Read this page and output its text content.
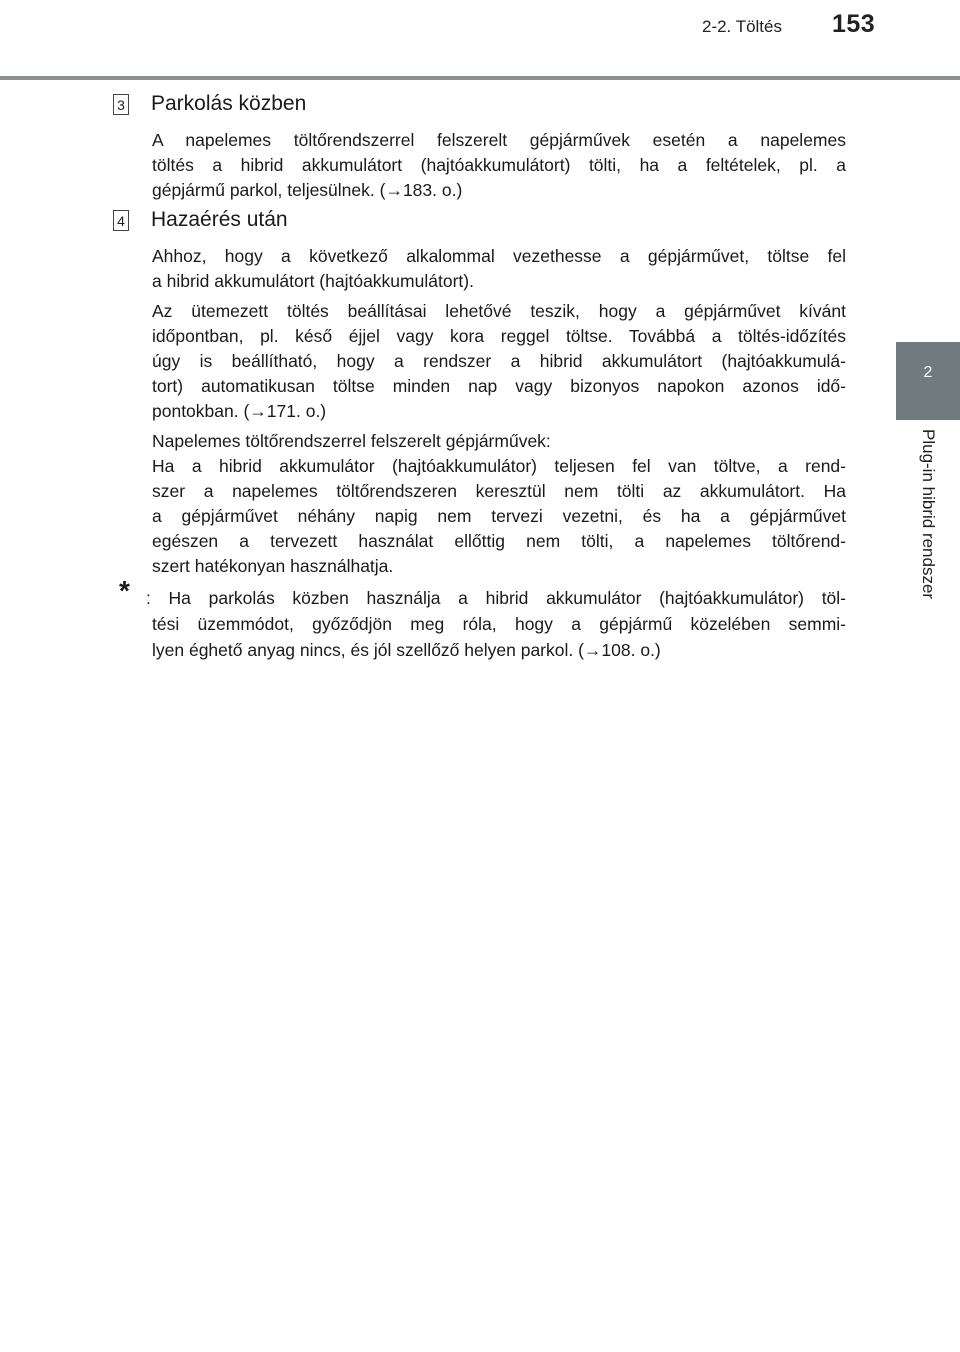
2-2. Töltés 153
2
Plug-in hibrid rendszer
3 Parkolás közben

A napelemes töltőrendszerrel felszerelt gépjárművek esetén a napelemes
töltés a hibrid akkumulátort (hajtóakkumulátort) tölti, ha a feltételek, pl. a
gépjármű parkol, teljesülnek. (→183. o.)

4 Hazaérés után

Ahhoz, hogy a következő alkalommal vezethesse a gépjárművet, töltse fel
a hibrid akkumulátort (hajtóakkumulátort).

Az ütemezett töltés beállításai lehetővé teszik, hogy a gépjárművet kívánt
időpontban, pl. késő éjjel vagy kora reggel töltse. Továbbá a töltés-időzítés
úgy is beállítható, hogy a rendszer a hibrid akkumulátort (hajtóakkumulá-
tort) automatikusan töltse minden nap vagy bizonyos napokon azonos idő-
pontokban. (→171. o.)

Napelemes töltőrendszerrel felszerelt gépjárművek:
Ha a hibrid akkumulátor (hajtóakkumulátor) teljesen fel van töltve, a rend-
szer a napelemes töltőrendszeren keresztül nem tölti az akkumulátort. Ha
a gépjárművet néhány napig nem tervezi vezetni, és ha a gépjárművet
egészen a tervezett használat ellőttig nem tölti, a napelemes töltőrend-
szert hatékonyan használhatja.

* : Ha parkolás közben használja a hibrid akkumulátor (hajtóakkumulátor) töl-
tési üzemmódot, győződjön meg róla, hogy a gépjármű közelében semmi-
lyen éghető anyag nincs, és jól szellőző helyen parkol. (→108. o.)
